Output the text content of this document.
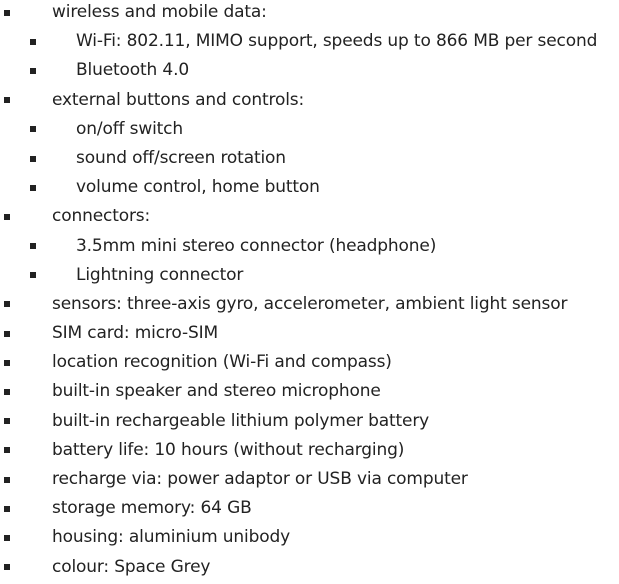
wireless and mobile data:
Wi-Fi: 802.11, MIMO support, speeds up to 866 MB per second
Bluetooth 4.0
external buttons and controls:
on/off switch
sound off/screen rotation
volume control, home button
connectors:
3.5mm mini stereo connector (headphone)
Lightning connector
sensors: three-axis gyro, accelerometer, ambient light sensor
SIM card: micro-SIM
location recognition (Wi-Fi and compass)
built-in speaker and stereo microphone
built-in rechargeable lithium polymer battery
battery life: 10 hours (without recharging)
recharge via: power adaptor or USB via computer
storage memory: 64 GB
housing: aluminium unibody
colour: Space Grey
